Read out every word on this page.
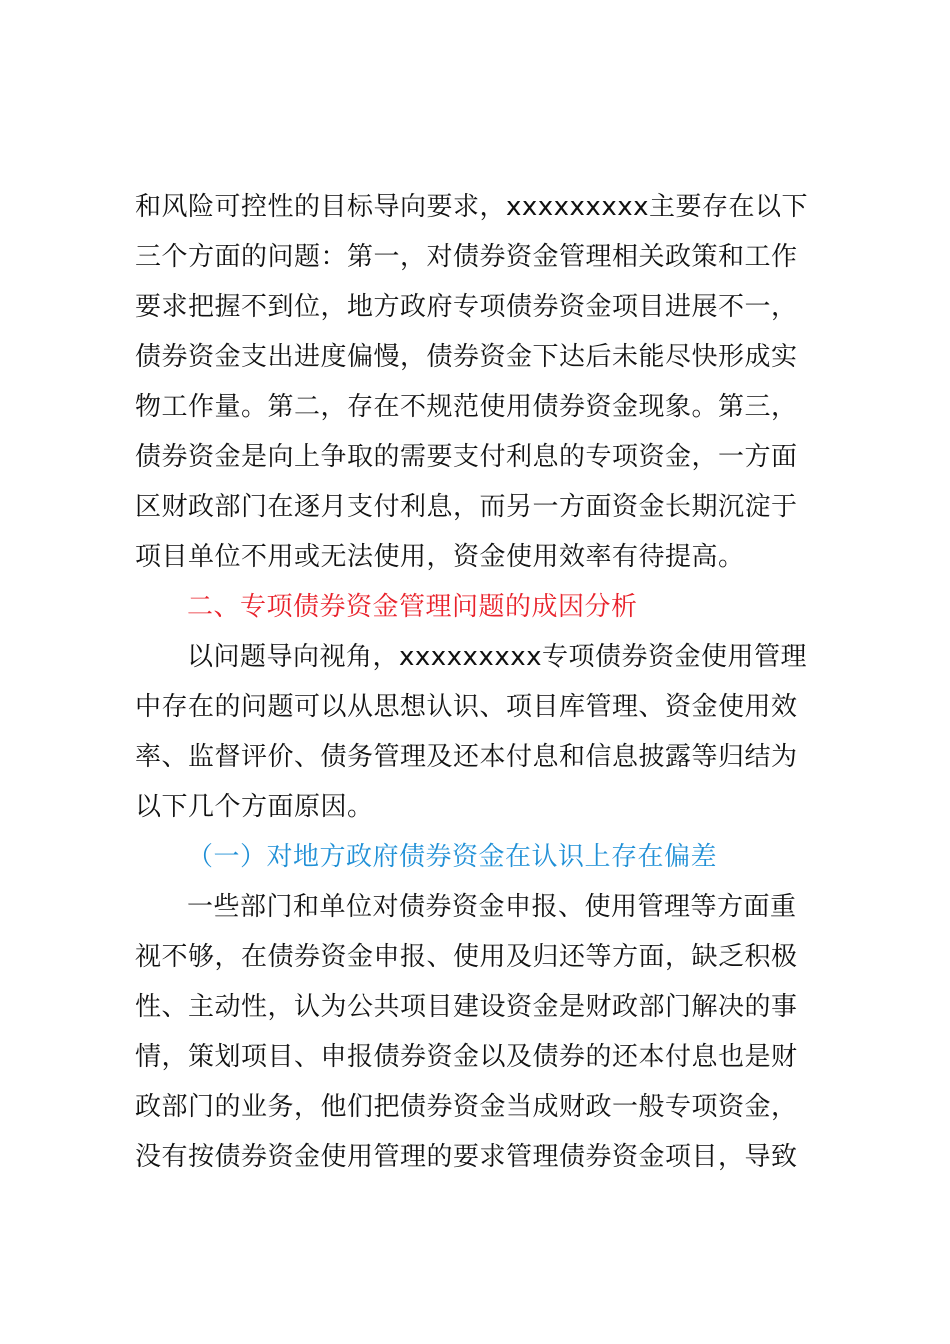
和风险可控性的目标导向要求，xxxxxxxxx主要存在以下
三个方面的问题：第一，对债券资金管理相关政策和工作
要求把握不到位，地方政府专项债券资金项目进展不一，
债券资金支出进度偏慢，债券资金下达后未能尽快形成实
物工作量。第二，存在不规范使用债券资金现象。第三，
债券资金是向上争取的需要支付利息的专项资金，一方面
区财政部门在逐月支付利息，而另一方面资金长期沉淀于
项目单位不用或无法使用，资金使用效率有待提高。
二、专项债券资金管理问题的成因分析
以问题导向视角，xxxxxxxxx专项债券资金使用管理
中存在的问题可以从思想认识、项目库管理、资金使用效
率、监督评价、债务管理及还本付息和信息披露等归结为
以下几个方面原因。
（一）对地方政府债券资金在认识上存在偏差
一些部门和单位对债券资金申报、使用管理等方面重
视不够，在债券资金申报、使用及归还等方面，缺乏积极
性、主动性，认为公共项目建设资金是财政部门解决的事
情，策划项目、申报债券资金以及债券的还本付息也是财
政部门的业务，他们把债券资金当成财政一般专项资金，
没有按债券资金使用管理的要求管理债券资金项目，导致
